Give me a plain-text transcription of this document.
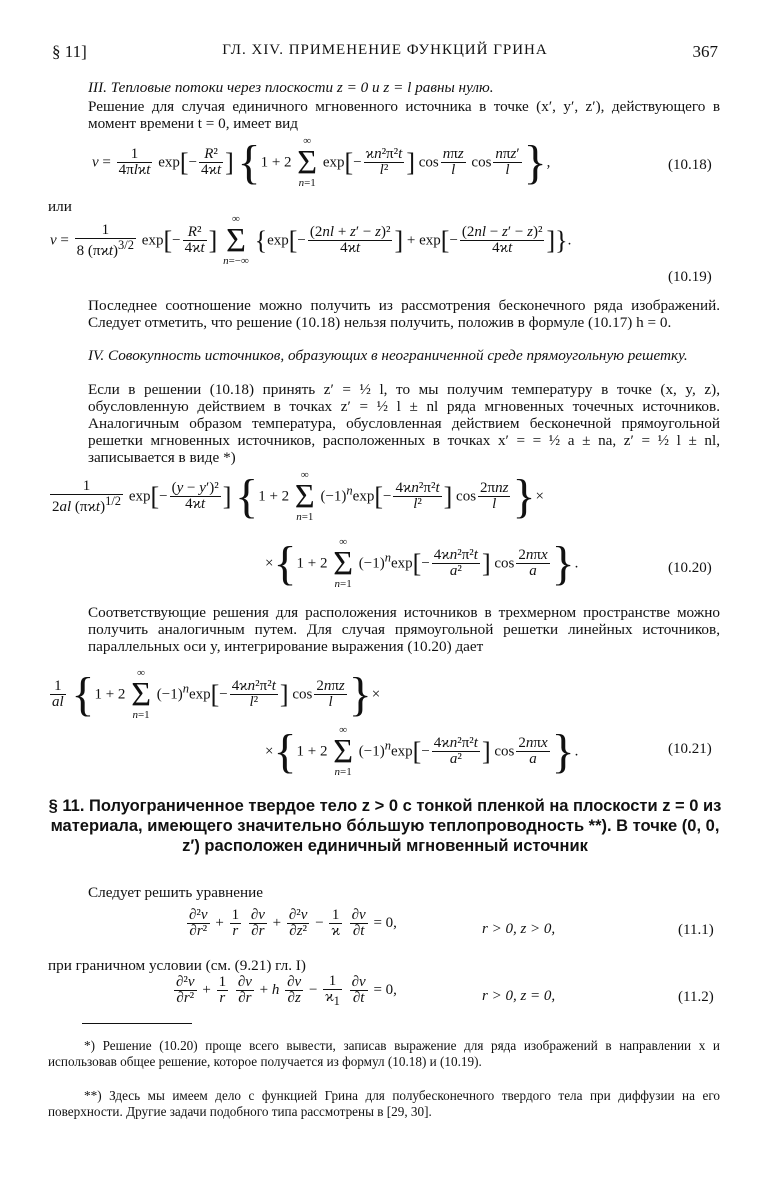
§ 11]	ГЛ. XIV. ПРИМЕНЕНИЕ ФУНКЦИЙ ГРИНА	367
III. Тепловые потоки через плоскости z = 0 и z = l равны нулю.
Решение для случая единичного мгновенного источника в точке (x′, y′, z′), действующего в момент времени t = 0, имеет вид
$v = \frac{1}{\text{4πlϰt}} \exp[- \frac{\text{R²}}{4ϰt}$ ] {1 + 2 ∞
Σ
n=1 $\exp[- \frac{\text{ϰn²π²t}}{\text{l²}}$ ] $\cos \frac{\text{nπz}}{l}$ $\cos \frac{\text{nπz′}}{l}$ },	(10.18)
или
$v = \frac{1}{8 (\pi ϰt)^{3/2}} \exp[- \frac{\text{R²}}{4ϰt}$ ] ∞
Σ
n=−∞ {$\exp[- \frac{\text{(2nl + z′ − z)²}}{4ϰt}$ ] + $\exp[- \frac{\text{(2nl − z′ − z)²}}{4ϰt}$ ]}.
(10.19)
Последнее соотношение можно получить из рассмотрения бесконечного ряда изображений. Следует отметить, что решение (10.18) нельзя получить, положив в формуле (10.17) h = 0.
IV. Совокупность источников, образующих в неограниченной среде прямоугольную решетку.
Если в решении (10.18) принять z′ = ½ l, то мы получим температуру в точке (x, y, z), обусловленную действием в точках z′ = ½ l ± nl ряда мгновенных точечных источников. Аналогичным образом температура, обусловленная действием бесконечной прямоугольной решетки мгновенных источников, расположенных в точках x′ = = ½ a ± na, z′ = ½ l ± nl, записывается в виде *)
$\frac{1}{2al (\pi ϰt)^{1/2}} \exp[- \frac{\text{(y − y′)²}}{4ϰt}$ ] {1 + 2 ∞
Σ
n=1 $(-1)^n\exp[- \frac{\text{4ϰn²π²t}}{\text{l²}}$ ] $\cos \frac{\text{2πnz}}{l}$ }×
×{1 + 2 ∞
Σ
n=1 $(-1)^n\exp[- \frac{\text{4ϰn²π²t}}{\text{a²}}$ ] $\cos \frac{\text{2nπx}}{a}$ }.	(10.20)
Соответствующие решения для расположения источников в трехмерном пространстве можно получить аналогичным путем. Для случая прямоугольной решетки линейных источников, параллельных оси y, интегрирование выражения (10.20) дает
$\frac{1}{al} \{1 + 2$ ∞
Σ
n=1 $(-1)^n\exp[- \frac{\text{4ϰn²π²t}}{\text{l²}}$ ] $\cos \frac{\text{2nπz}}{l}$ }×
×{1 + 2 ∞
Σ
n=1 $(-1)^n\exp[- \frac{\text{4ϰn²π²t}}{\text{a²}}$ ] $\cos \frac{\text{2nπx}}{a}$ }.	(10.21)
§ 11. Полуограниченное твердое тело z > 0 с тонкой пленкой на плоскости z = 0 из материала, имеющего значительно бо́льшую теплопроводность **). В точке (0, 0, z′) расположен единичный мгновенный источник
Следует решить уравнение
$\frac{\text{∂²v}}{\text{∂r²}} + \frac{1}{r}$
$\frac{\partial v}{\partial r} + \frac{\text{∂²v}}{\text{∂z²}} - \frac{1}{ϰ}$
$\frac{\partial v}{\partial t} = 0$,	r > 0, z > 0,	(11.1)
при граничном условии (см. (9.21) гл. I)
$\frac{\text{∂²v}}{\text{∂r²}} + \frac{1}{r}$
$\frac{\partial v}{\partial r} + h \frac{\partial v}{\partial z} - \frac{1}{ϰ_1}$
$\frac{\partial v}{\partial t} = 0$,	r > 0, z = 0,	(11.2)
*) Решение (10.20) проще всего вывести, записав выражение для ряда изображений в направлении x и использовав общее решение, которое получается из формул (10.18) и (10.19).
**) Здесь мы имеем дело с функцией Грина для полубесконечного твердого тела при диффузии на его поверхности. Другие задачи подобного типа рассмотрены в [29, 30].
